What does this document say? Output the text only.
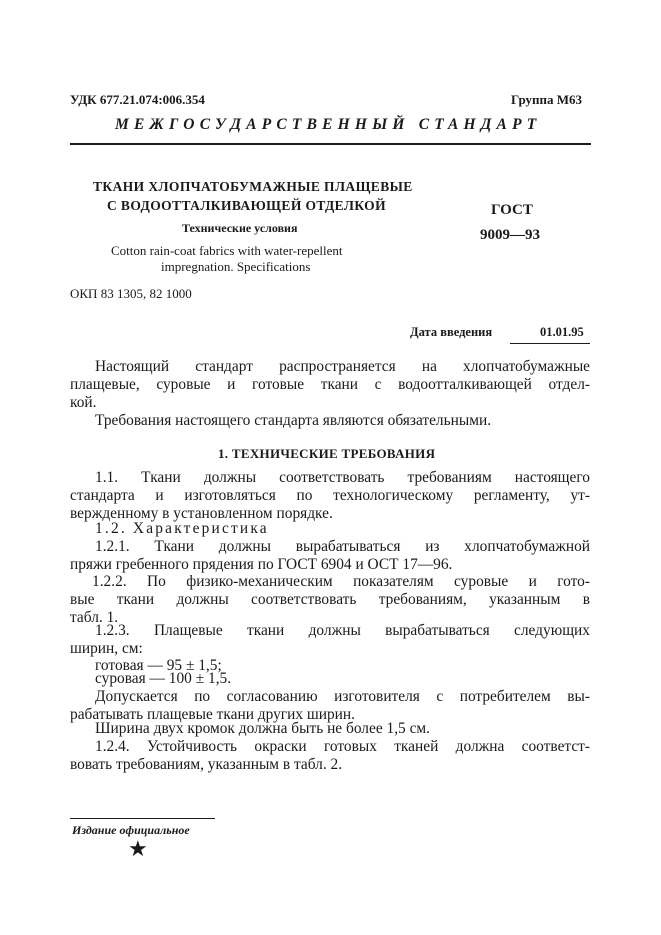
УДК 677.21.074:006.354	Группа М63
МЕЖГОСУДАРСТВЕННЫЙ СТАНДАРТ
ТКАНИ ХЛОПЧАТОБУМАЖНЫЕ ПЛАЩЕВЫЕ
С ВОДООТТАЛКИВАЮЩЕЙ ОТДЕЛКОЙ
Технические условия
Cotton rain-coat fabrics with water-repellent
impregnation. Specifications
ГОСТ
9009—93
ОКП 83 1305, 82 1000
Дата введения	01.01.95
Настоящий стандарт распространяется на хлопчатобумажные
плащевые, суровые и готовые ткани с водоотталкивающей отдел-
кой.
Требования настоящего стандарта являются обязательными.
1. ТЕХНИЧЕСКИЕ ТРЕБОВАНИЯ
1.1. Ткани должны соответствовать требованиям настоящего
стандарта и изготовляться по технологическому регламенту, ут-
вержденному в установленном порядке.
1.2. Характеристика
1.2.1. Ткани должны вырабатываться из хлопчатобумажной
пряжи гребенного прядения по ГОСТ 6904 и ОСТ 17—96.
1.2.2. По физико-механическим показателям суровые и гото-
вые ткани должны соответствовать требованиям, указанным в
табл. 1.
1.2.3. Плащевые ткани должны вырабатываться следующих
ширин, см:
готовая — 95 ± 1,5;
суровая — 100 ± 1,5.
Допускается по согласованию изготовителя с потребителем вы-
рабатывать плащевые ткани других ширин.
Ширина двух кромок должна быть не более 1,5 см.
1.2.4. Устойчивость окраски готовых тканей должна соответст-
вовать требованиям, указанным в табл. 2.
Издание официальное
★
